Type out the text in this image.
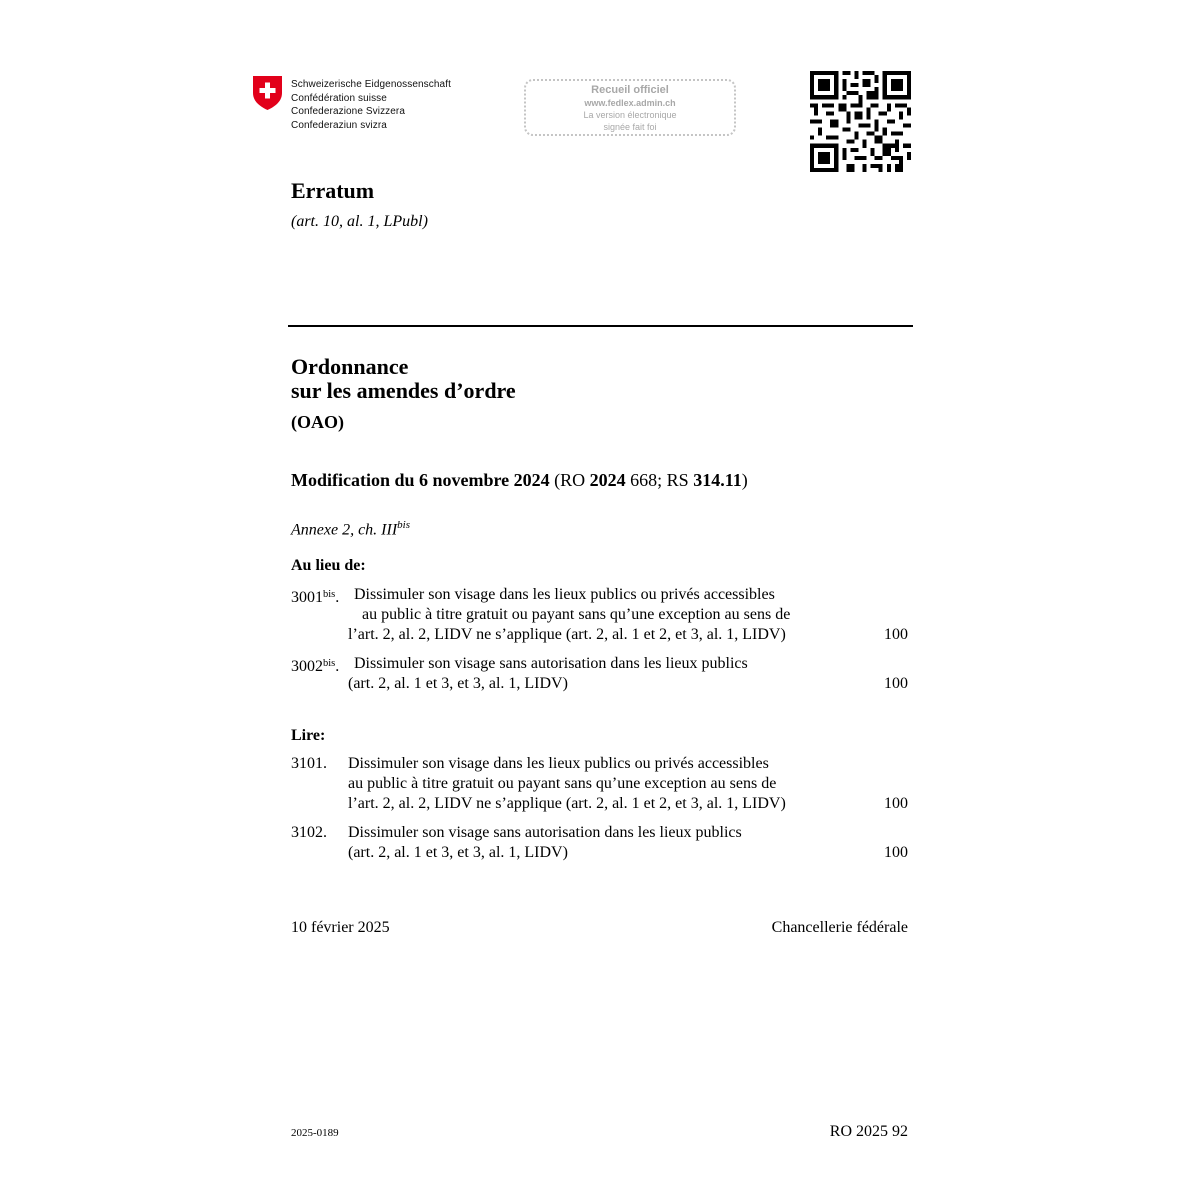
Schweizerische Eidgenossenschaft
Confédération suisse
Confederazione Svizzera
Confederaziun svizra
Recueil officiel
www.fedlex.admin.ch
La version électronique
signée fait foi
Erratum
(art. 10, al. 1, LPubl)
Ordonnance
sur les amendes d’ordre
(OAO)
Modification du 6 novembre 2024 (RO 2024 668; RS 314.11)
Annexe 2, ch. $III^{bis}$
Au lieu de:
$3001^{bis}$. Dissimuler son visage dans les lieux publics ou privés accessibles
au public à titre gratuit ou payant sans qu’une exception au sens de
l’art. 2, al. 2, LIDV ne s’applique (art. 2, al. 1 et 2, et 3, al. 1, LIDV)	100
$3002^{bis}$. Dissimuler son visage sans autorisation dans les lieux publics
(art. 2, al. 1 et 3, et 3, al. 1, LIDV)	100
Lire:
3101. Dissimuler son visage dans les lieux publics ou privés accessibles
au public à titre gratuit ou payant sans qu’une exception au sens de
l’art. 2, al. 2, LIDV ne s’applique (art. 2, al. 1 et 2, et 3, al. 1, LIDV)	100
3102. Dissimuler son visage sans autorisation dans les lieux publics
(art. 2, al. 1 et 3, et 3, al. 1, LIDV)	100
10 février 2025	Chancellerie fédérale
2025-0189	RO 2025 92
